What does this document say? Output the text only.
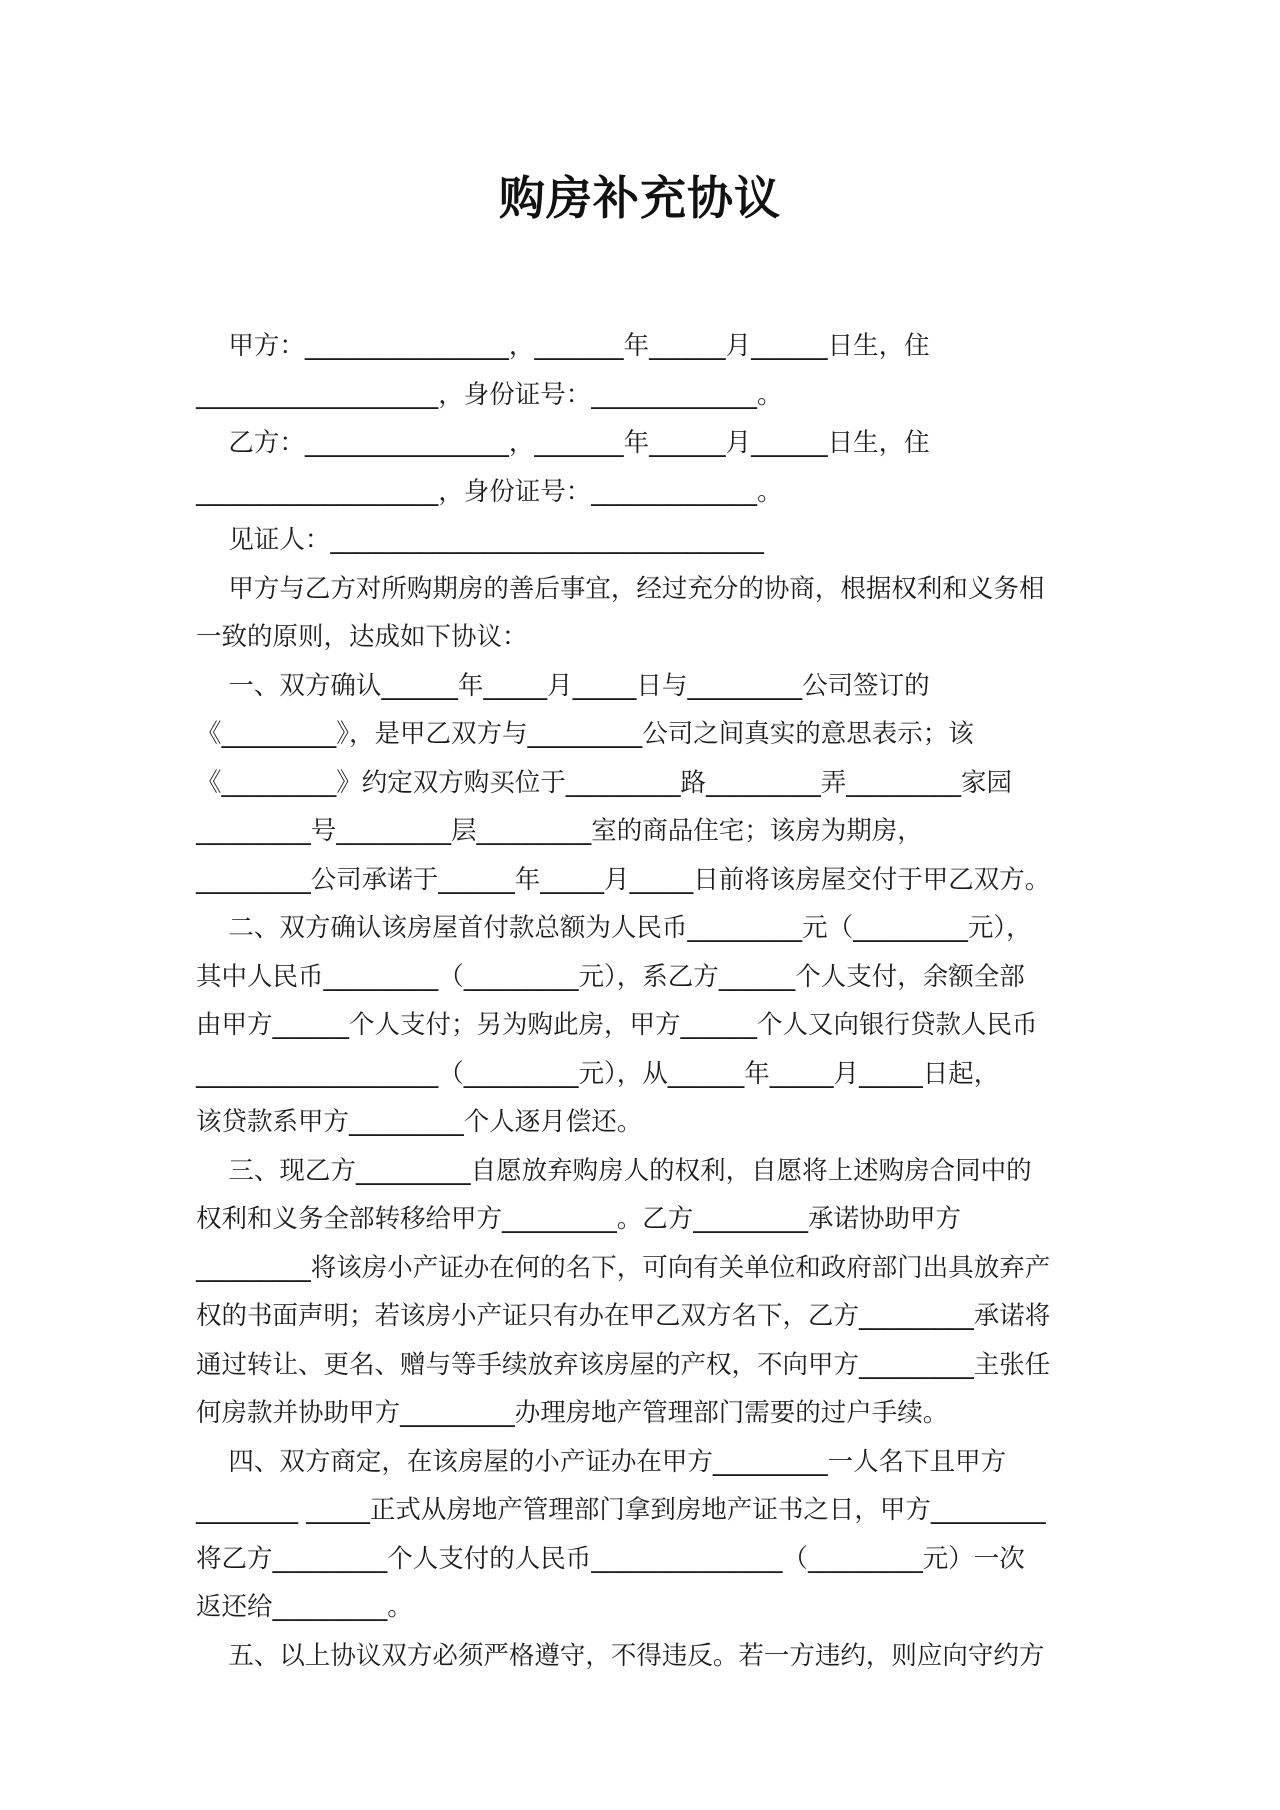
购房补充协议
甲方：________________，_______年______月______日生，住
___________________，身份证号：_____________。
乙方：________________，_______年______月______日生，住
___________________，身份证号：_____________。
见证人：__________________________________
甲方与乙方对所购期房的善后事宜，经过充分的协商，根据权利和义务相
一致的原则，达成如下协议：
一、双方确认______年_____月_____日与_________公司签订的
《_________》，是甲乙双方与_________公司之间真实的意思表示；该
《_________》约定双方购买位于_________路_________弄_________家园
_________号_________层_________室的商品住宅；该房为期房，
_________公司承诺于______年_____月_____日前将该房屋交付于甲乙双方。
二、双方确认该房屋首付款总额为人民币_________元（_________元），
其中人民币_________（_________元），系乙方______个人支付，余额全部
由甲方______个人支付；另为购此房，甲方______个人又向银行贷款人民币
___________________（_________元），从______年_____月_____日起，
该贷款系甲方_________个人逐月偿还。
三、现乙方_________自愿放弃购房人的权利，自愿将上述购房合同中的
权利和义务全部转移给甲方_________。乙方_________承诺协助甲方
_________将该房小产证办在何的名下，可向有关单位和政府部门出具放弃产
权的书面声明；若该房小产证只有办在甲乙双方名下，乙方_________承诺将
通过转让、更名、赠与等手续放弃该房屋的产权，不向甲方_________主张任
何房款并协助甲方_________办理房地产管理部门需要的过户手续。
四、双方商定，在该房屋的小产证办在甲方_________一人名下且甲方
________ _____正式从房地产管理部门拿到房地产证书之日，甲方_________
将乙方_________个人支付的人民币_______________（_________元）一次
返还给_________。
五、以上协议双方必须严格遵守，不得违反。若一方违约，则应向守约方
